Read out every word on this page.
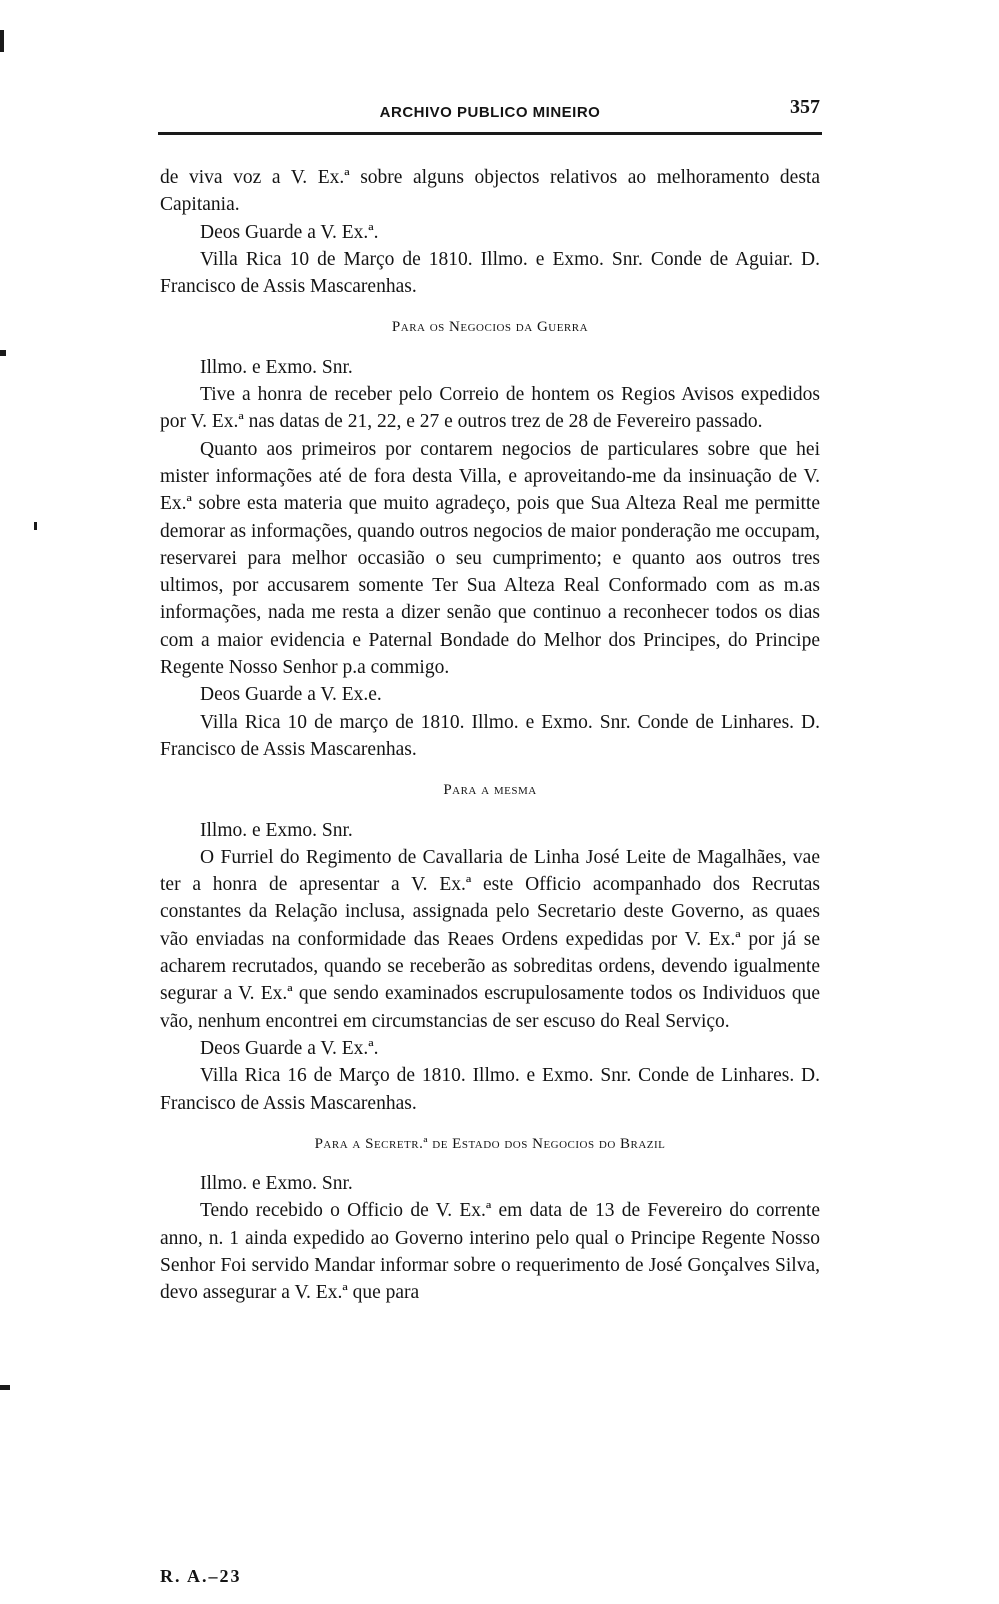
ARCHIVO PUBLICO MINEIRO	357

de viva voz a V. Ex.ª sobre alguns objectos relativos ao melhoramento desta Capitania.

Deos Guarde a V. Ex.ª.

Villa Rica 10 de Março de 1810. Illmo. e Exmo. Snr. Conde de Aguiar. D. Francisco de Assis Mascarenhas.

Para os Negocios da Guerra

Illmo. e Exmo. Snr.

Tive a honra de receber pelo Correio de hontem os Regios Avisos expedidos por V. Ex.ª nas datas de 21, 22, e 27 e outros trez de 28 de Fevereiro passado.

Quanto aos primeiros por contarem negocios de particulares sobre que hei mister informações até de fora desta Villa, e aproveitando-me da insinuação de V. Ex.ª sobre esta materia que muito agradeço, pois que Sua Alteza Real me permitte demorar as informações, quando outros negocios de maior ponderação me occupam, reservarei para melhor occasião o seu cumprimento; e quanto aos outros tres ultimos, por accusarem somente Ter Sua Alteza Real Conformado com as m.as informações, nada me resta a dizer senão que continuo a reconhecer todos os dias com a maior evidencia e Paternal Bondade do Melhor dos Principes, do Principe Regente Nosso Senhor p.a commigo.

Deos Guarde a V. Ex.e.

Villa Rica 10 de março de 1810. Illmo. e Exmo. Snr. Conde de Linhares. D. Francisco de Assis Mascarenhas.

Para a mesma

Illmo. e Exmo. Snr.

O Furriel do Regimento de Cavallaria de Linha José Leite de Magalhães, vae ter a honra de apresentar a V. Ex.ª este Officio acompanhado dos Recrutas constantes da Relação inclusa, assignada pelo Secretario deste Governo, as quaes vão enviadas na conformidade das Reaes Ordens expedidas por V. Ex.ª por já se acharem recrutados, quando se receberão as sobreditas ordens, devendo igualmente segurar a V. Ex.ª que sendo examinados escrupulosamente todos os Individuos que vão, nenhum encontrei em circumstancias de ser escuso do Real Serviço.

Deos Guarde a V. Ex.ª.

Villa Rica 16 de Março de 1810. Illmo. e Exmo. Snr. Conde de Linhares. D. Francisco de Assis Mascarenhas.

Para a Secretr.ª de Estado dos Negocios do Brazil

Illmo. e Exmo. Snr.

Tendo recebido o Officio de V. Ex.ª em data de 13 de Fevereiro do corrente anno, n. 1 ainda expedido ao Governo interino pelo qual o Principe Regente Nosso Senhor Foi servido Mandar informar sobre o requerimento de José Gonçalves Silva, devo assegurar a V. Ex.ª que para

R. A.–23
